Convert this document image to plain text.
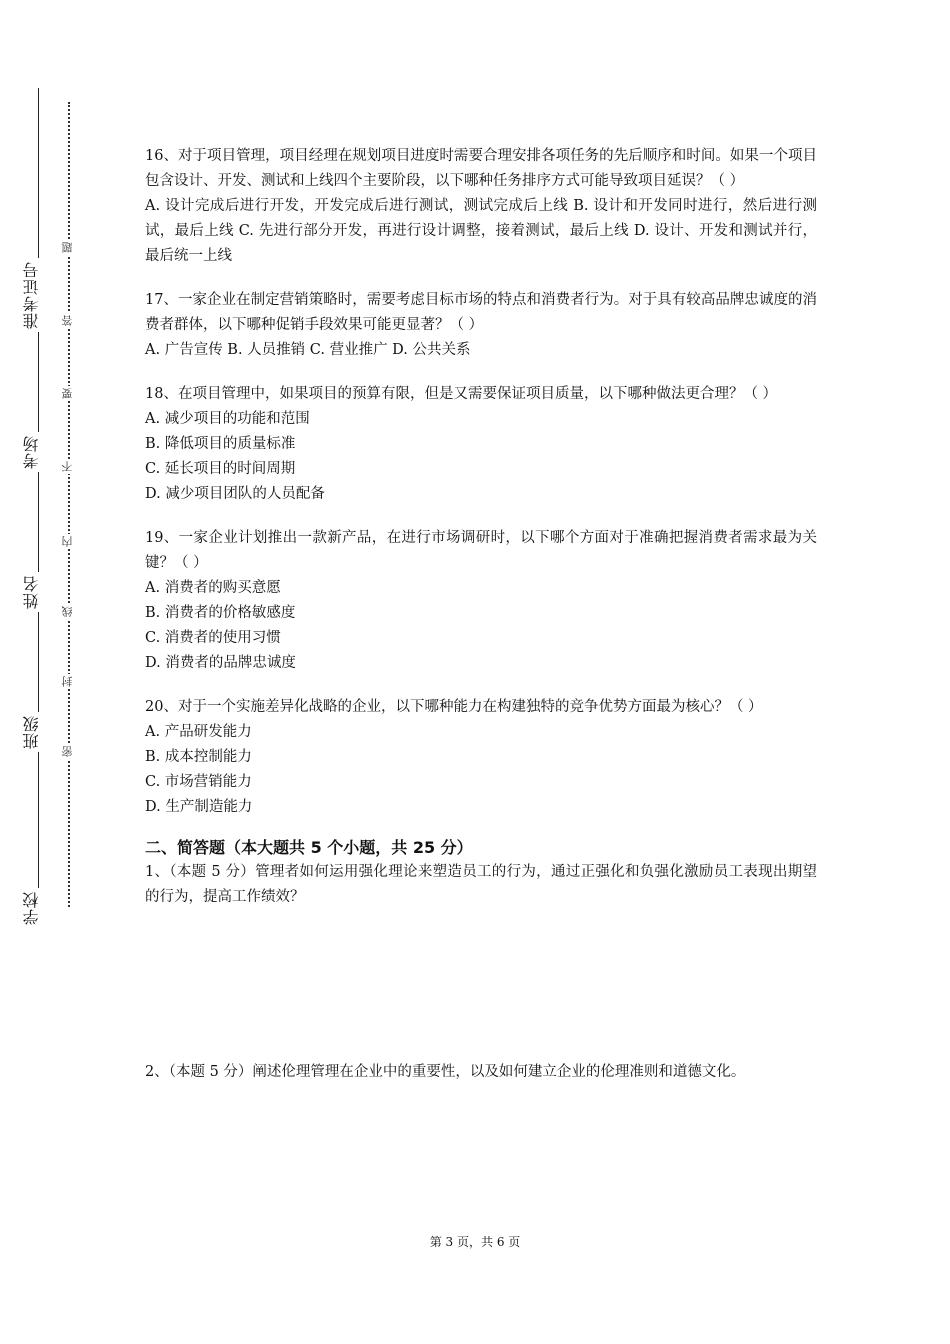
学校
班级
姓名
考场
准考证号
密
封
线
内
不
要
答
题

16、对于项目管理，项目经理在规划项目进度时需要合理安排各项任务的先后顺序和时间。如果一个项目包含设计、开发、测试和上线四个主要阶段，以下哪种任务排序方式可能导致项目延误？（ ）

A. 设计完成后进行开发，开发完成后进行测试，测试完成后上线 B. 设计和开发同时进行，然后进行测试，最后上线 C. 先进行部分开发，再进行设计调整，接着测试，最后上线 D. 设计、开发和测试并行，最后统一上线

17、一家企业在制定营销策略时，需要考虑目标市场的特点和消费者行为。对于具有较高品牌忠诚度的消费者群体，以下哪种促销手段效果可能更显著？（ ）

A. 广告宣传 B. 人员推销 C. 营业推广 D. 公共关系

18、在项目管理中，如果项目的预算有限，但是又需要保证项目质量，以下哪种做法更合理？（ ）

A. 减少项目的功能和范围

B. 降低项目的质量标准

C. 延长项目的时间周期

D. 减少项目团队的人员配备

19、一家企业计划推出一款新产品，在进行市场调研时，以下哪个方面对于准确把握消费者需求最为关键？（ ）

A. 消费者的购买意愿

B. 消费者的价格敏感度

C. 消费者的使用习惯

D. 消费者的品牌忠诚度

20、对于一个实施差异化战略的企业，以下哪种能力在构建独特的竞争优势方面最为核心？（ ）

A. 产品研发能力

B. 成本控制能力

C. 市场营销能力

D. 生产制造能力

二、简答题（本大题共 5 个小题，共 25 分）

1、（本题 5 分）管理者如何运用强化理论来塑造员工的行为，通过正强化和负强化激励员工表现出期望的行为，提高工作绩效？

2、（本题 5 分）阐述伦理管理在企业中的重要性，以及如何建立企业的伦理准则和道德文化。

第 3 页，共 6 页
